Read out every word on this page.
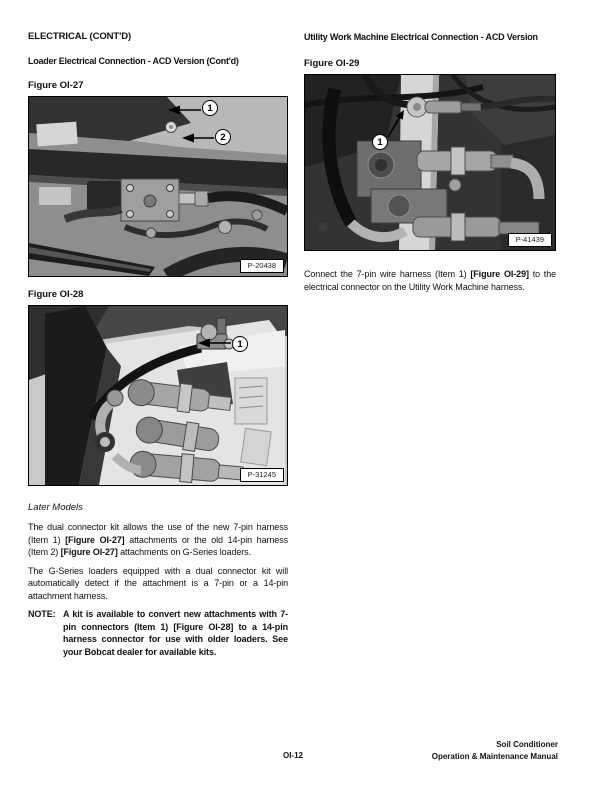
ELECTRICAL (CONT'D)
Loader Electrical Connection - ACD Version (Cont'd)
Figure OI-27
1
2
P-20438
Figure OI-28
1
P-31245
Later Models

The dual connector kit allows the use of the new 7-pin harness (Item 1) [Figure OI-27] attachments or the old 14-pin harness (Item 2) [Figure OI-27] attachments on G-Series loaders.

The G-Series loaders equipped with a dual connector kit will automatically detect if the attachment is a 7-pin or a 14-pin attachment harness.

NOTE: A kit is available to convert new attachments with 7-pin connectors (Item 1) [Figure OI-28] to a 14-pin harness connector for use with older loaders. See your Bobcat dealer for available kits.
Utility Work Machine Electrical Connection - ACD Version
Figure OI-29
1
P-41439

Connect the 7-pin wire harness (Item 1) [Figure OI-29] to the electrical connector on the Utility Work Machine harness.

Soil Conditioner
Operation & Maintenance Manual
OI-12
